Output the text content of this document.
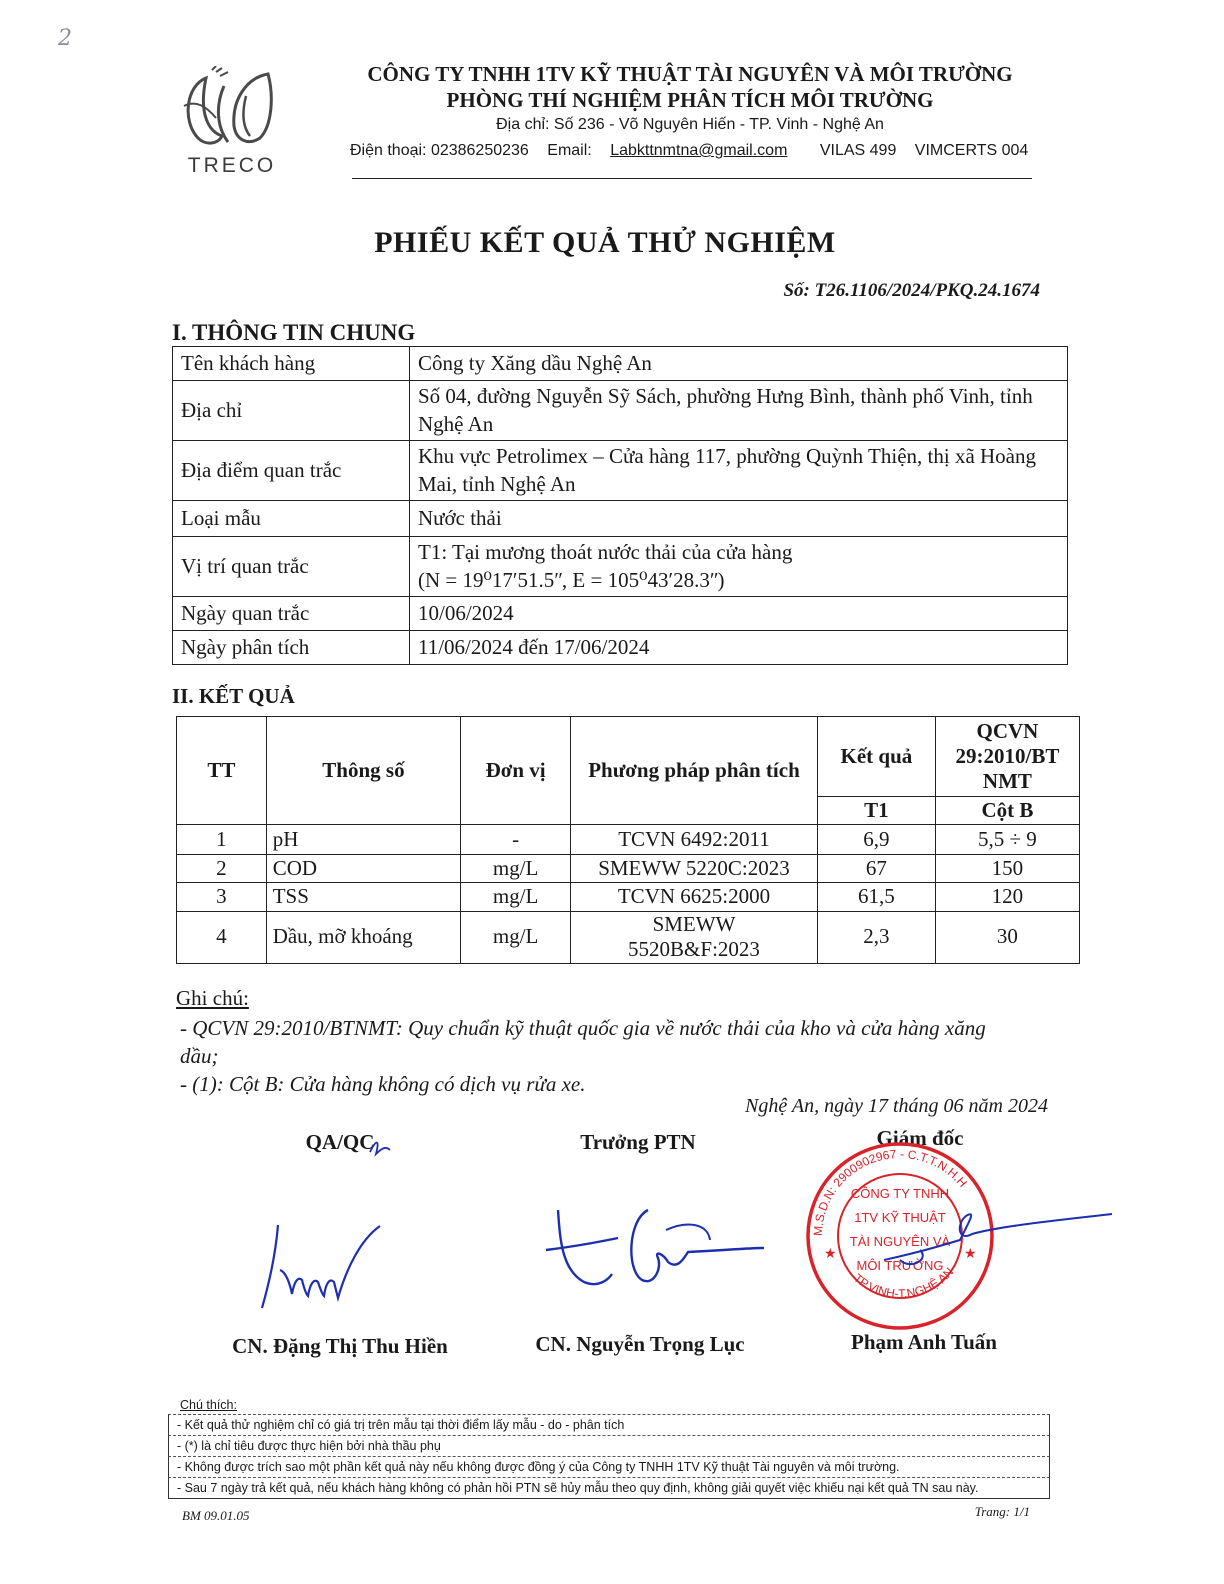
2
TRECO
CÔNG TY TNHH 1TV KỸ THUẬT TÀI NGUYÊN VÀ MÔI TRƯỜNG
PHÒNG THÍ NGHIỆM PHÂN TÍCH MÔI TRƯỜNG
Địa chỉ: Số 236 - Võ Nguyên Hiến - TP. Vinh - Nghệ An
Điện thoại: 02386250236 Email: Labkttnmtna@gmail.com VILAS 499 VIMCERTS 004
PHIẾU KẾT QUẢ THỬ NGHIỆM
Số: T26.1106/2024/PKQ.24.1674
I. THÔNG TIN CHUNG
Tên khách hàng	Công ty Xăng dầu Nghệ An
Địa chỉ	Số 04, đường Nguyễn Sỹ Sách, phường Hưng Bình, thành phố Vinh, tỉnh Nghệ An
Địa điểm quan trắc	Khu vực Petrolimex – Cửa hàng 117, phường Quỳnh Thiện, thị xã Hoàng Mai, tỉnh Nghệ An
Loại mẫu	Nước thải
Vị trí quan trắc	T1: Tại mương thoát nước thải của cửa hàng
(N = 19⁰17ʹ51.5ʺ, E = 105⁰43ʹ28.3ʺ)

Ngày quan trắc	10/06/2024
Ngày phân tích	11/06/2024 đến 17/06/2024
II. KẾT QUẢ
TT	Thông số	Đơn vị	Phương pháp phân tích	Kết quả	QCVN 29:2010/BT NMT
				T1	Cột B
1	pH	-	TCVN 6492:2011	6,9	5,5 ÷ 9
2	COD	mg/L	SMEWW 5220C:2023	67	150
3	TSS	mg/L	TCVN 6625:2000	61,5	120
4	Dầu, mỡ khoáng	mg/L	SMEWW 5520B&F:2023	2,3	30
Ghi chú:
- QCVN 29:2010/BTNMT: Quy chuẩn kỹ thuật quốc gia về nước thải của kho và cửa hàng xăng dầu;
- (1): Cột B: Cửa hàng không có dịch vụ rửa xe.
Nghệ An, ngày 17 tháng 06 năm 2024
QA/QC	Trưởng PTN	Giám đốc
M.S.D.N: 2900902967 - C.T.T.N.H.H
TP.VINH-T.NGHỆ AN
CÔNG TY TNHH
1TV KỸ THUẬT
TÀI NGUYÊN VÀ
MÔI TRƯỜNG
★	★
CN. Đặng Thị Thu Hiền	CN. Nguyễn Trọng Lục	Phạm Anh Tuấn
Chú thích:
- Kết quả thử nghiệm chỉ có giá trị trên mẫu tại thời điểm lấy mẫu - do - phân tích
- (*) là chỉ tiêu được thực hiện bởi nhà thầu phụ
- Không được trích sao một phần kết quả này nếu không được đồng ý của Công ty TNHH 1TV Kỹ thuật Tài nguyên và môi trường.
- Sau 7 ngày trả kết quả, nếu khách hàng không có phản hồi PTN sẽ hủy mẫu theo quy định, không giải quyết việc khiếu nại kết quả TN sau này.
BM 09.01.05	Trang: 1/1
